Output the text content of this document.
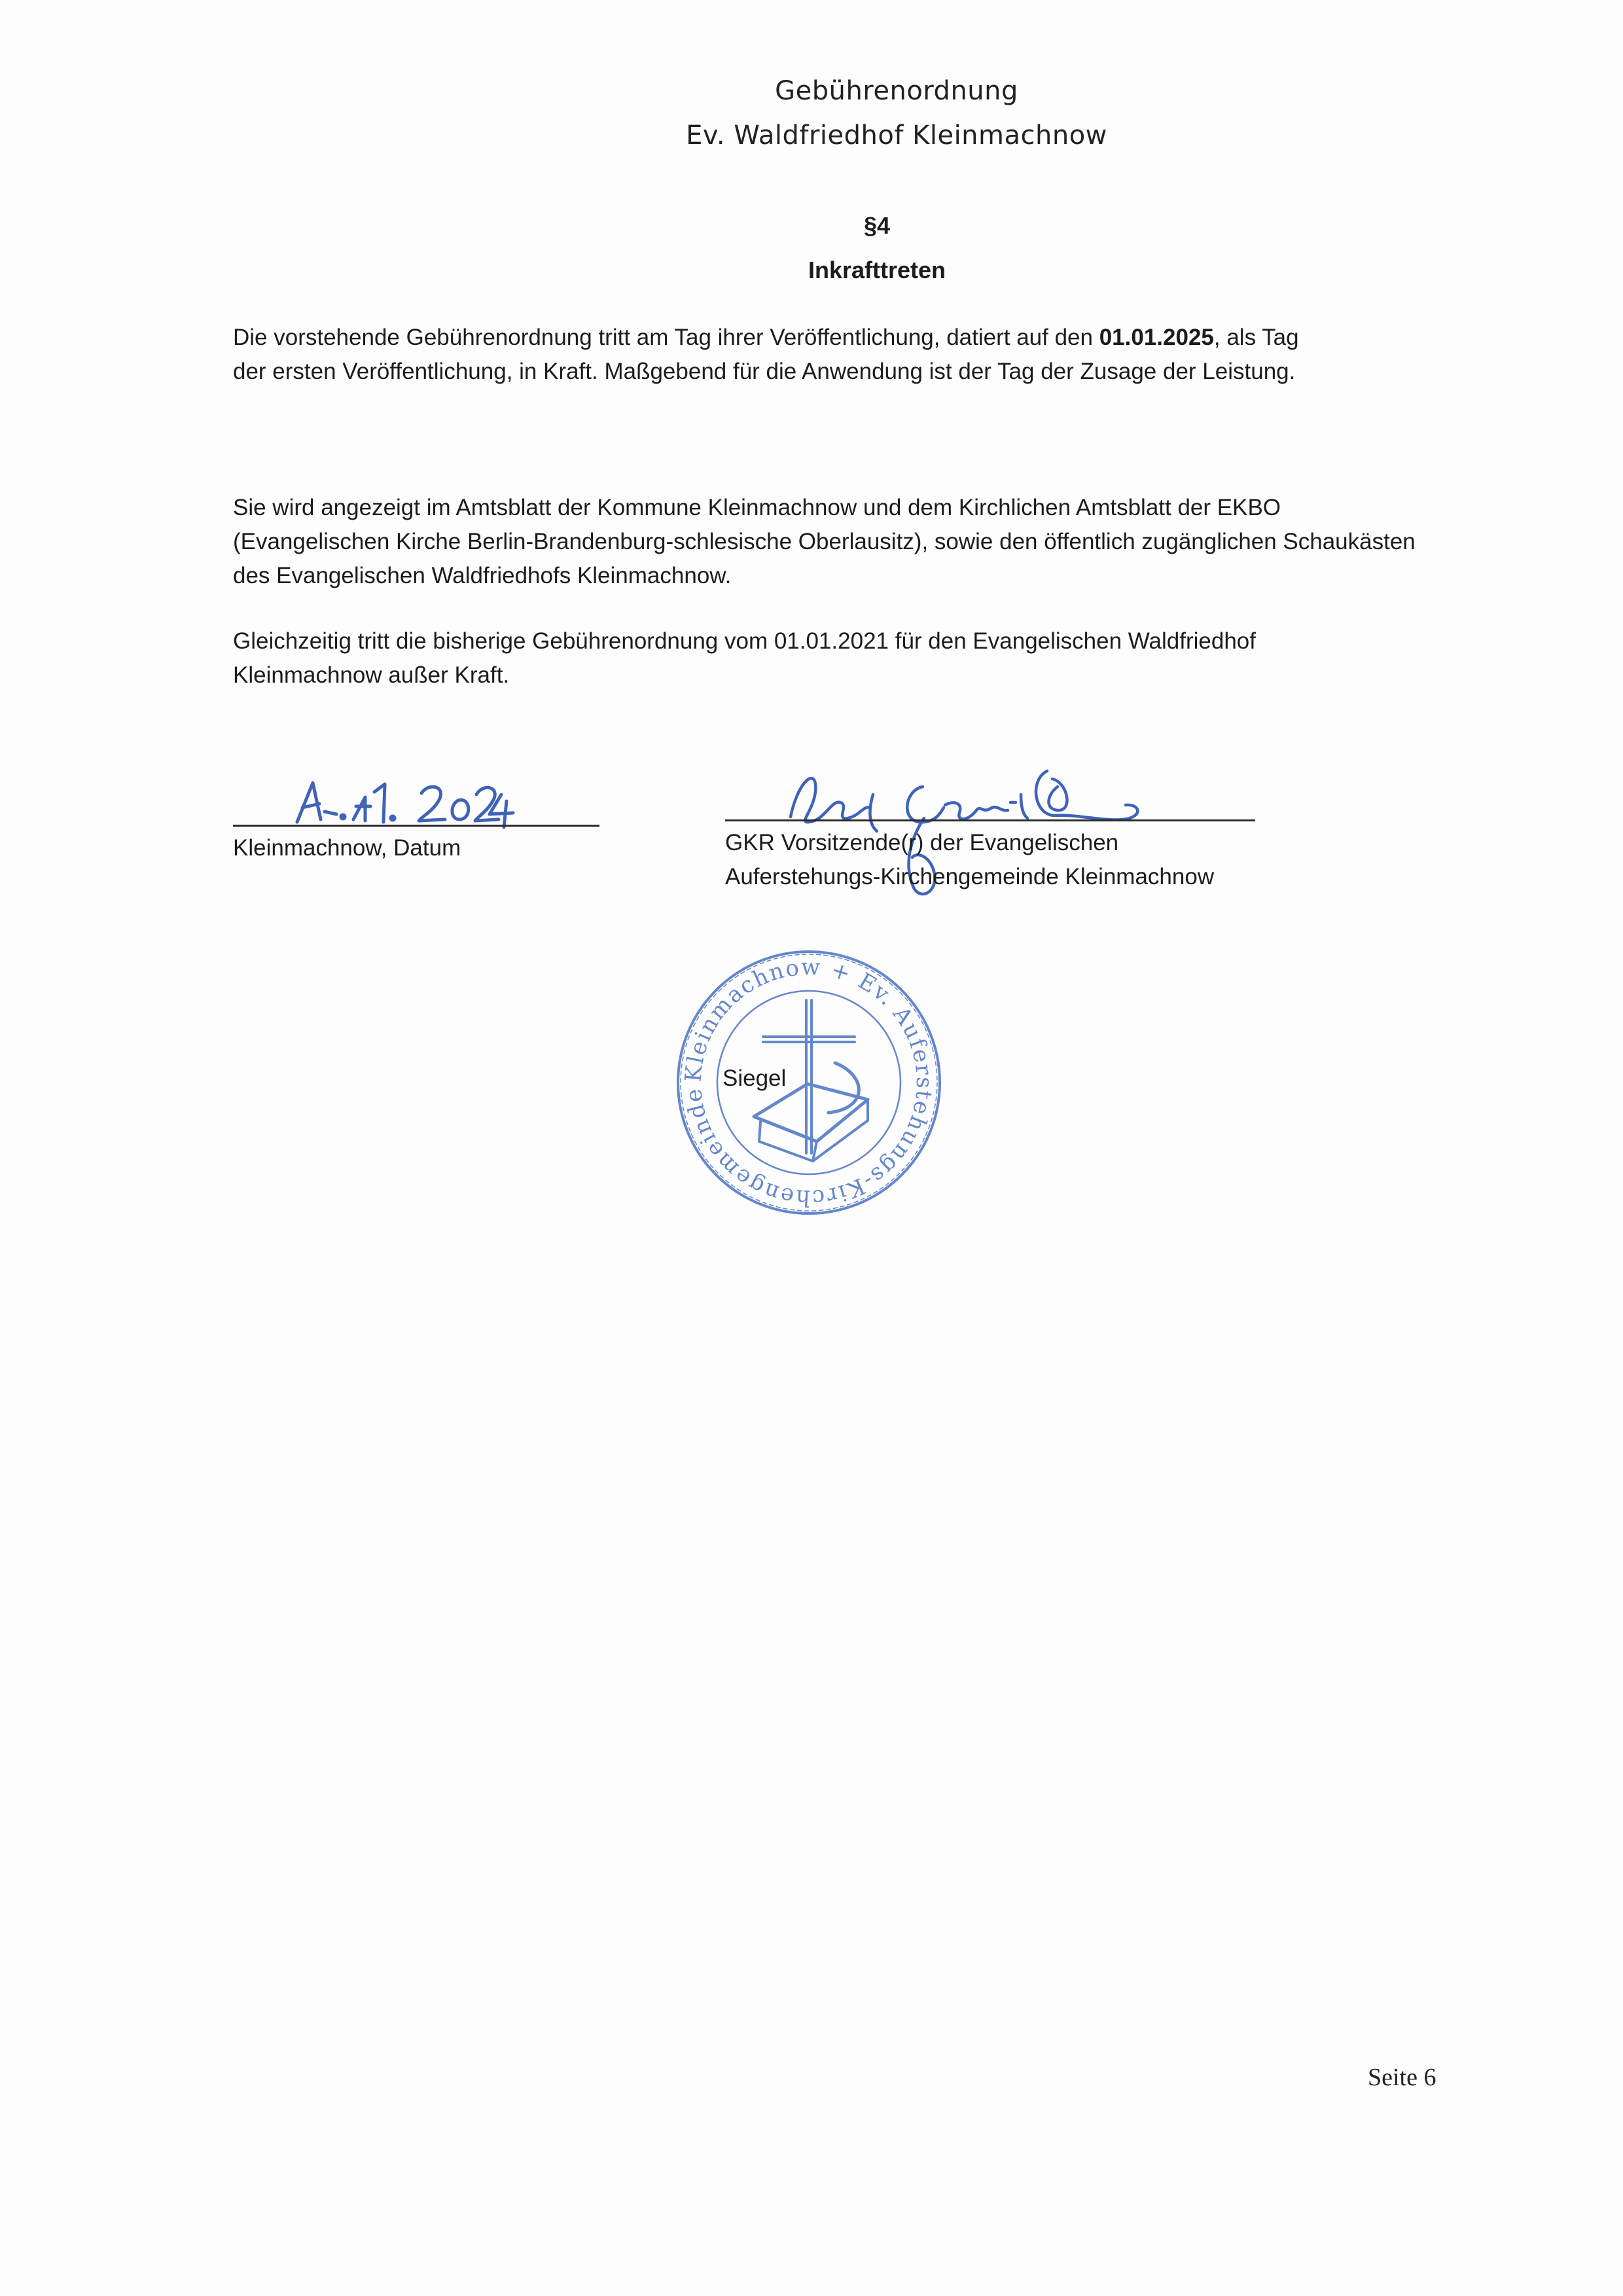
Gebührenordnung
Ev. Waldfriedhof Kleinmachnow
§4
Inkrafttreten
Die vorstehende Gebührenordnung tritt am Tag ihrer Veröffentlichung, datiert auf den 01.01.2025, als Tag
der ersten Veröffentlichung, in Kraft. Maßgebend für die Anwendung ist der Tag der Zusage der Leistung.
Sie wird angezeigt im Amtsblatt der Kommune Kleinmachnow und dem Kirchlichen Amtsblatt der EKBO
(Evangelischen Kirche Berlin-Brandenburg-schlesische Oberlausitz), sowie den öffentlich zugänglichen Schaukästen
des Evangelischen Waldfriedhofs Kleinmachnow.
Gleichzeitig tritt die bisherige Gebührenordnung vom 01.01.2021 für den Evangelischen Waldfriedhof
Kleinmachnow außer Kraft.
Kleinmachnow, Datum	GKR Vorsitzende(r) der Evangelischen
Auferstehungs-Kirchengemeinde Kleinmachnow
Kleinmachnow + Ev. Auferstehungs-Kirchengemeinde
Siegel
Seite 6
